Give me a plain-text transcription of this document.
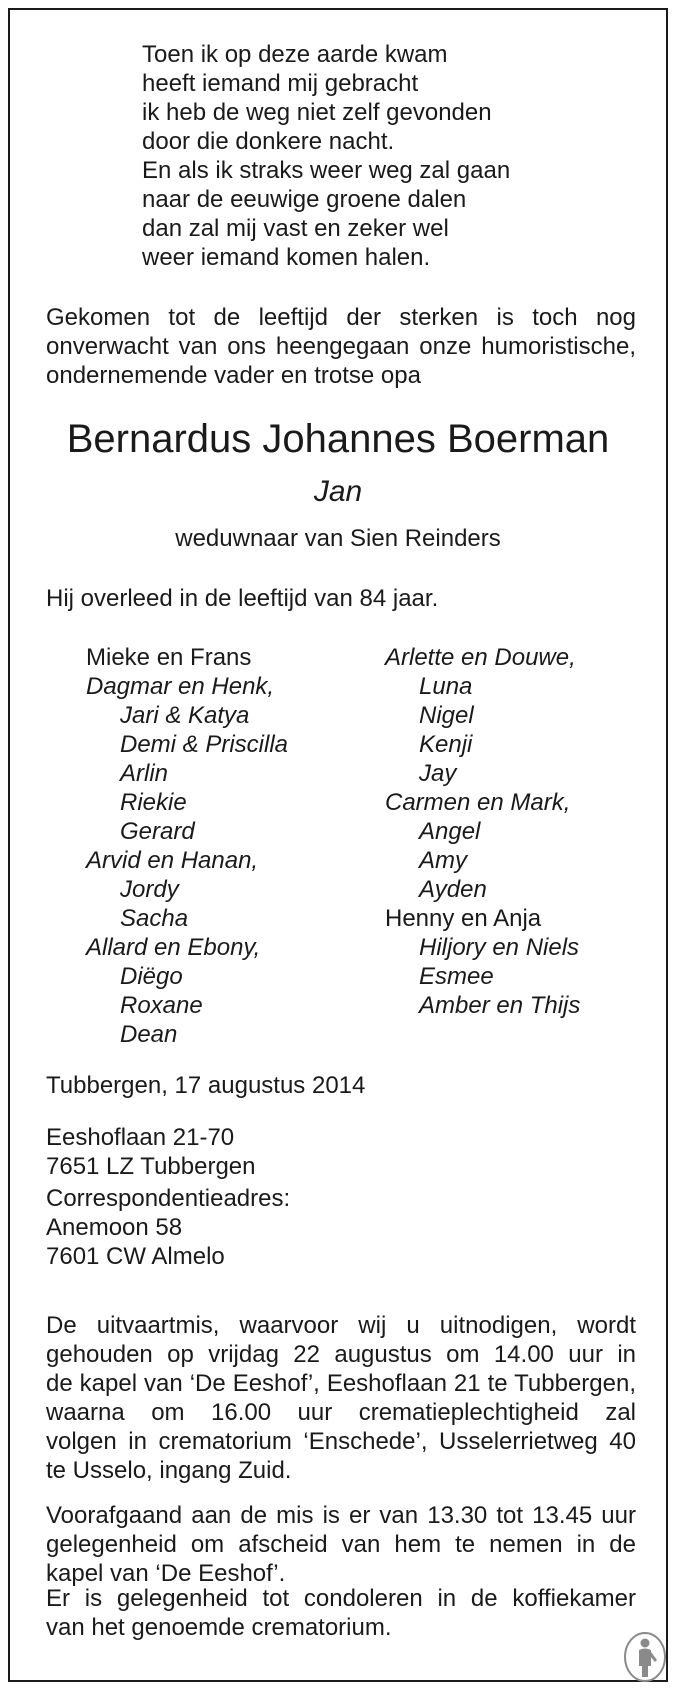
Toen ik op deze aarde kwam
heeft iemand mij gebracht
ik heb de weg niet zelf gevonden
door die donkere nacht.
En als ik straks weer weg zal gaan
naar de eeuwige groene dalen
dan zal mij vast en zeker wel
weer iemand komen halen.
Gekomen tot de leeftijd der sterken is toch nog
onverwacht van ons heengegaan onze humoristische,
ondernemende vader en trotse opa
Bernardus Johannes Boerman
Jan
weduwnaar van Sien Reinders
Hij overleed in de leeftijd van 84 jaar.
Mieke en Frans
Dagmar en Henk,
Jari & Katya
Demi & Priscilla
Arlin
Riekie
Gerard
Arvid en Hanan,
Jordy
Sacha
Allard en Ebony,
Diëgo
Roxane
Dean
Arlette en Douwe,
Luna
Nigel
Kenji
Jay
Carmen en Mark,
Angel
Amy
Ayden
Henny en Anja
Hiljory en Niels
Esmee
Amber en Thijs
Tubbergen, 17 augustus 2014
Eeshoflaan 21-70
7651 LZ Tubbergen
Correspondentieadres:
Anemoon 58
7601 CW Almelo
De uitvaartmis, waarvoor wij u uitnodigen, wordt
gehouden op vrijdag 22 augustus om 14.00 uur in
de kapel van ‘De Eeshof’, Eeshoflaan 21 te Tubbergen,
waarna om 16.00 uur crematieplechtigheid zal
volgen in crematorium ‘Enschede’, Usselerrietweg 40
te Usselo, ingang Zuid.
Voorafgaand aan de mis is er van 13.30 tot 13.45 uur
gelegenheid om afscheid van hem te nemen in de
kapel van ‘De Eeshof’.
Er is gelegenheid tot condoleren in de koffiekamer
van het genoemde crematorium.
